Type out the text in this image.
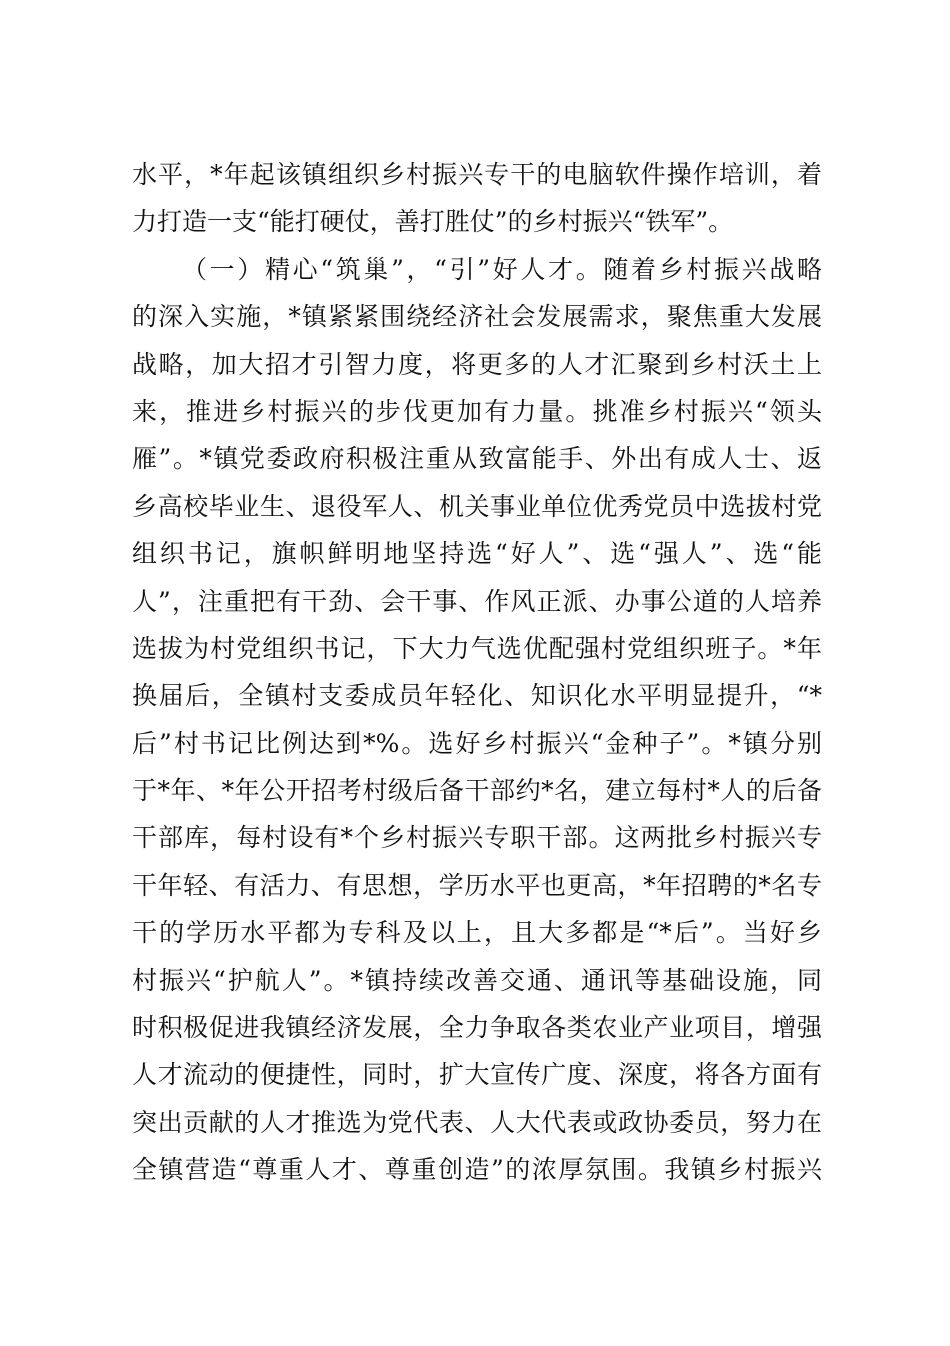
水平，*年起该镇组织乡村振兴专干的电脑软件操作培训，着
力打造一支“能打硬仗，善打胜仗”的乡村振兴“铁军”。
（一）精心“筑巢”，“引”好人才。随着乡村振兴战略
的深入实施，*镇紧紧围绕经济社会发展需求，聚焦重大发展
战略，加大招才引智力度，将更多的人才汇聚到乡村沃土上
来，推进乡村振兴的步伐更加有力量。挑准乡村振兴“领头
雁”。*镇党委政府积极注重从致富能手、外出有成人士、返
乡高校毕业生、退役军人、机关事业单位优秀党员中选拔村党
组织书记，旗帜鲜明地坚持选“好人”、选“强人”、选“能
人”，注重把有干劲、会干事、作风正派、办事公道的人培养
选拔为村党组织书记，下大力气选优配强村党组织班子。*年
换届后，全镇村支委成员年轻化、知识化水平明显提升，“*
后”村书记比例达到*%。选好乡村振兴“金种子”。*镇分别
于*年、*年公开招考村级后备干部约*名，建立每村*人的后备
干部库，每村设有*个乡村振兴专职干部。这两批乡村振兴专
干年轻、有活力、有思想，学历水平也更高，*年招聘的*名专
干的学历水平都为专科及以上，且大多都是“*后”。当好乡
村振兴“护航人”。*镇持续改善交通、通讯等基础设施，同
时积极促进我镇经济发展，全力争取各类农业产业项目，增强
人才流动的便捷性，同时，扩大宣传广度、深度，将各方面有
突出贡献的人才推选为党代表、人大代表或政协委员，努力在
全镇营造“尊重人才、尊重创造”的浓厚氛围。我镇乡村振兴
